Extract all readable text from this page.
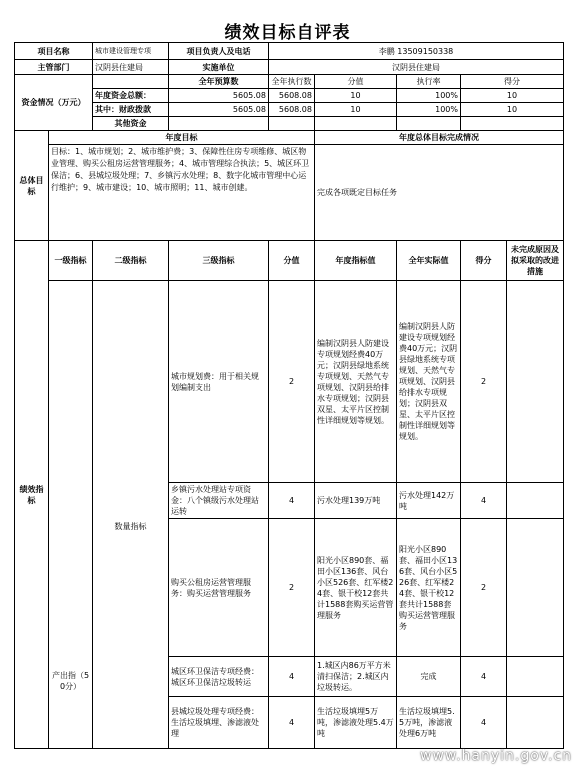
绩效目标自评表
项目名称		城市建设管理专项	项目负责人及电话	李鹏 13509150338				
主管部门		汉阴县住建局	实施单位	汉阴县住建局				
资金情况（万元）			全年预算数	全年执行数	分值	执行率	得分	
		年度资金总额：	5605.08	5608.08	10	100%	10	
		其中：财政拨款	5605.08	5608.08	10	100%	10	
		其他资金						
总体目标	年度目标				年度总体目标完成情况			
	目标：1、城市规划；2、城市维护费；3、保障性住房专项维修、城区物业管理、购买公租房运营管理服务；4、城市管理综合执法；5、城区环卫保洁；6、县城垃圾处理；7、乡镇污水处理；8、数字化城市管理中心运行维护；9、城市建设；10、城市照明；11、城市创建。				完成各项既定目标任务			
绩效指标	一级指标	二级指标	三级指标	分值	年度指标值	全年实际值	得分	未完成原因及拟采取的改进措施
	产出指（50分）	数量指标	城市规划费：用于相关规划编制支出	2	编制汉阴县人防建设专项规划经费40万元；汉阴县绿地系统专项规划、天然气专项规划、汉阴县给排水专项规划；汉阴县双星、太平片区控制性详细规划等规划。	编制汉阴县人防建设专项规划经费40万元；汉阴县绿地系统专项规划、天然气专项规划、汉阴县给排水专项规划；汉阴县双星、太平片区控制性详细规划等规划。	2	
			乡镇污水处理站专项资金：八个镇级污水处理站运转	4	污水处理139万吨	污水处理142万吨	4	
			购买公租房运营管理服务：购买运营管理服务	2	阳光小区890套、福田小区136套、风台小区526套、红军楼24套、银干校12套共计1588套购买运营管理服务	阳光小区890套、福田小区136套、风台小区526套、红军楼24套、银干校12套共计1588套购买运营管理服务	2	
			城区环卫保洁专项经费：城区环卫保洁垃圾转运	4	1.城区内86万平方米清扫保洁；2.城区内垃圾转运。	完成	4	
			县城垃圾处理专项经费：生活垃圾填埋、渗滤液处理	4	生活垃圾填埋5万吨，渗滤液处理5.4万吨	生活垃圾填埋5.5万吨，渗滤液处理6万吨	4	
www.hanyin.gov.cn
